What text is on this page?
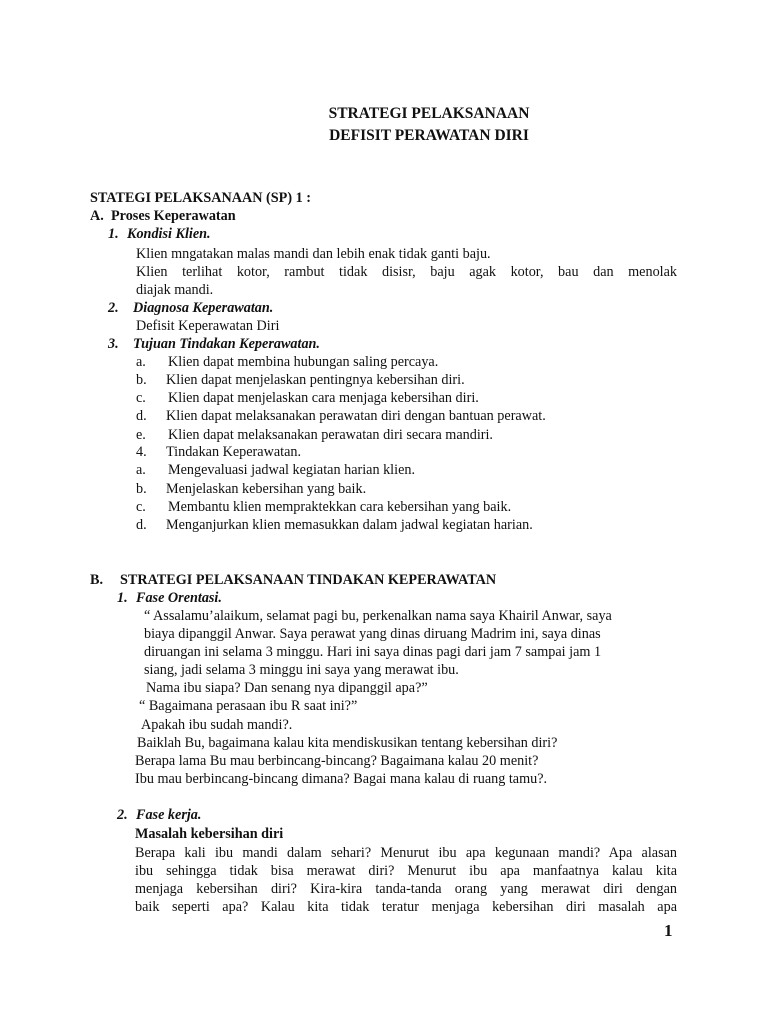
STRATEGI PELAKSANAAN
DEFISIT PERAWATAN DIRI
STATEGI PELAKSANAAN (SP) 1 :
A. Proses Keperawatan
1. Kondisi Klien.
Klien mngatakan malas mandi dan lebih enak tidak ganti baju.
Klien terlihat kotor, rambut tidak disisr, baju agak kotor, bau dan menolak
diajak mandi.
2. Diagnosa Keperawatan.
Defisit Keperawatan Diri
3. Tujuan Tindakan Keperawatan.
a. Klien dapat membina hubungan saling percaya.
b. Klien dapat menjelaskan pentingnya kebersihan diri.
c. Klien dapat menjelaskan cara menjaga kebersihan diri.
d. Klien dapat melaksanakan perawatan diri dengan bantuan perawat.
e. Klien dapat melaksanakan perawatan diri secara mandiri.
4. Tindakan Keperawatan.
a. Mengevaluasi jadwal kegiatan harian klien.
b. Menjelaskan kebersihan yang baik.
c. Membantu klien mempraktekkan cara kebersihan yang baik.
d. Menganjurkan klien memasukkan dalam jadwal kegiatan harian.
B. STRATEGI PELAKSANAAN TINDAKAN KEPERAWATAN
1. Fase Orentasi.
“ Assalamu’alaikum, selamat pagi bu, perkenalkan nama saya Khairil Anwar, saya
biaya dipanggil Anwar. Saya perawat yang dinas diruang Madrim ini, saya dinas
diruangan ini selama 3 minggu. Hari ini saya dinas pagi dari jam 7 sampai jam 1
siang, jadi selama 3 minggu ini saya yang merawat ibu.
Nama ibu siapa? Dan senang nya dipanggil apa?”
“ Bagaimana perasaan ibu R saat ini?”
Apakah ibu sudah mandi?.
Baiklah Bu, bagaimana kalau kita mendiskusikan tentang kebersihan diri?
Berapa lama Bu mau berbincang-bincang? Bagaimana kalau 20 menit?
Ibu mau berbincang-bincang dimana? Bagai mana kalau di ruang tamu?.
2. Fase kerja.
Masalah kebersihan diri
Berapa kali ibu mandi dalam sehari? Menurut ibu apa kegunaan mandi? Apa alasan
ibu sehingga tidak bisa merawat diri? Menurut ibu apa manfaatnya kalau kita
menjaga kebersihan diri? Kira-kira tanda-tanda orang yang merawat diri dengan
baik seperti apa? Kalau kita tidak teratur menjaga kebersihan diri masalah apa
1
